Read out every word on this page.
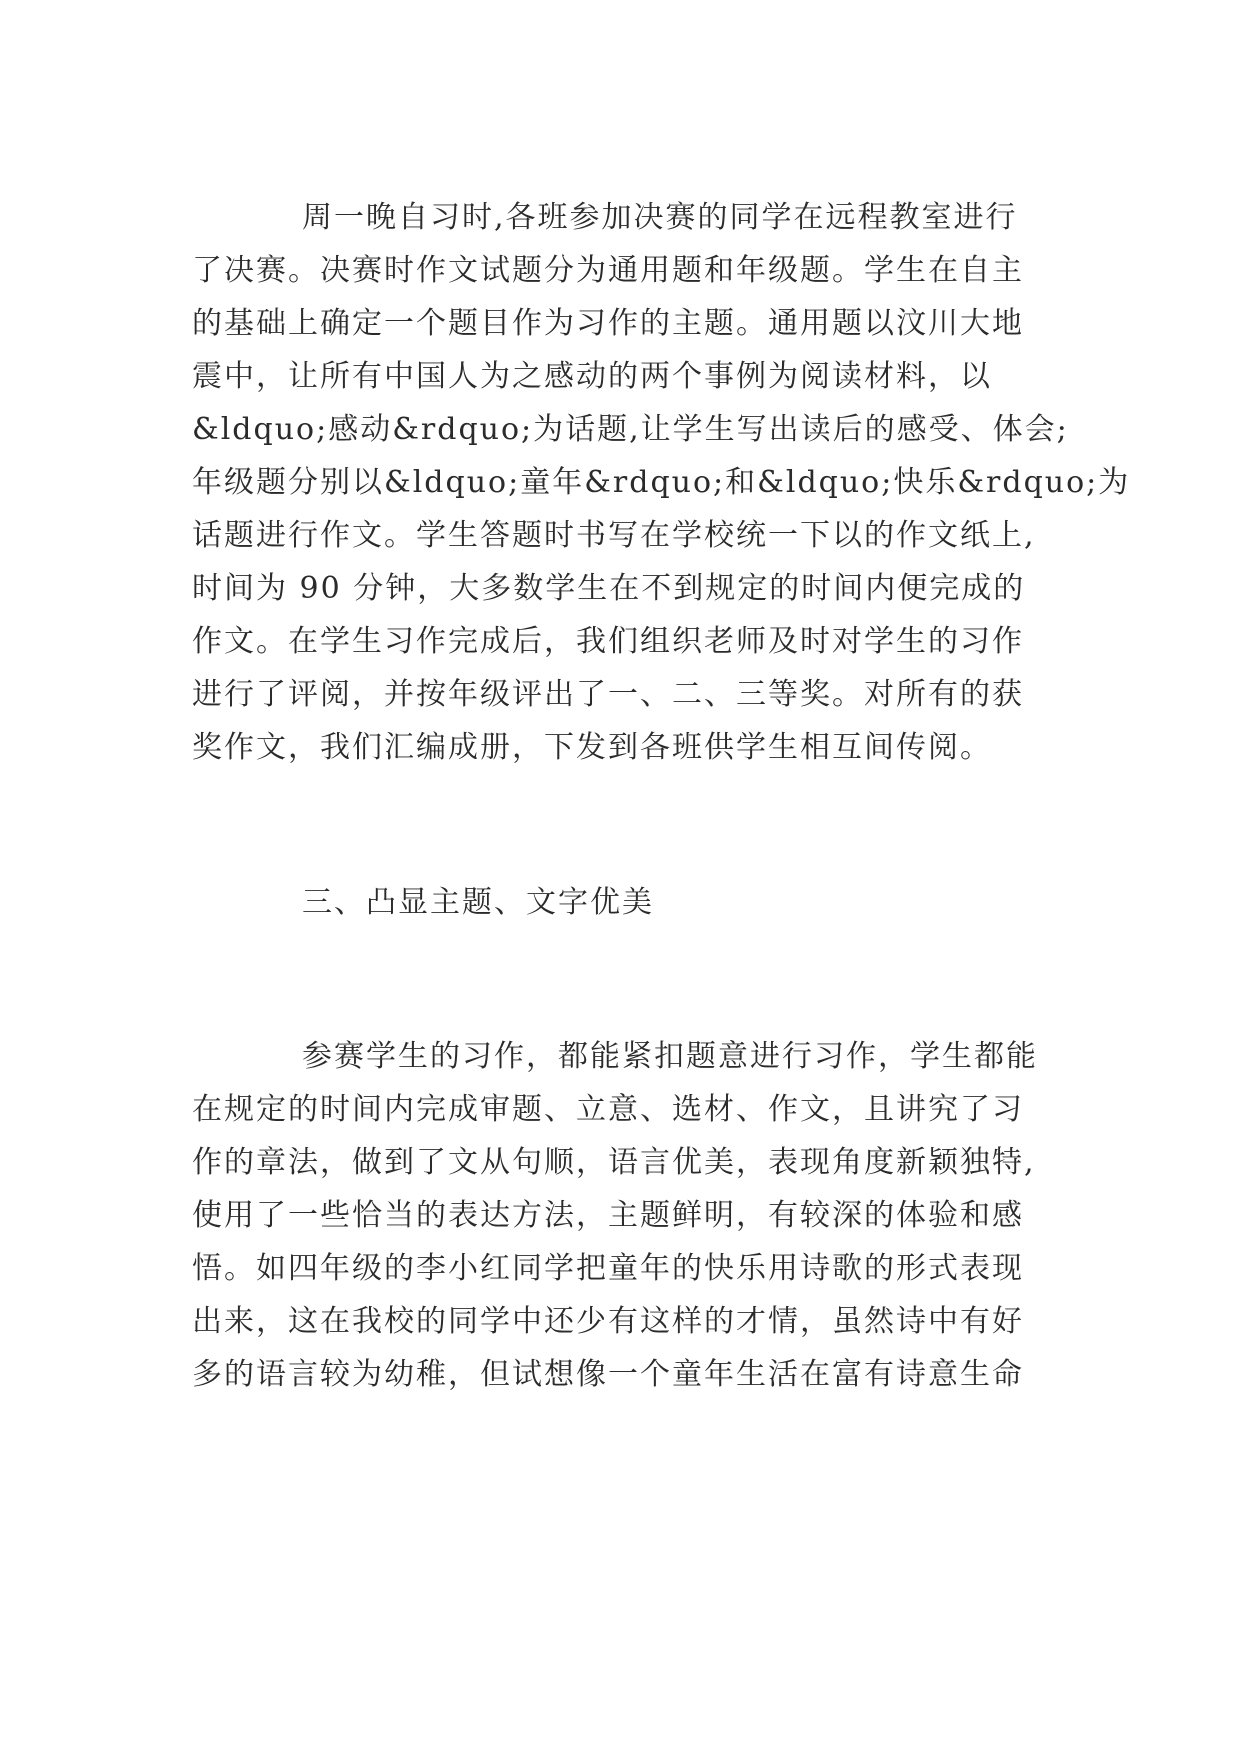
周一晚自习时,各班参加决赛的同学在远程教室进行
了决赛。决赛时作文试题分为通用题和年级题。学生在自主
的基础上确定一个题目作为习作的主题。通用题以汶川大地
震中，让所有中国人为之感动的两个事例为阅读材料，以
&ldquo;感动&rdquo;为话题,让学生写出读后的感受、体会;
年级题分别以&ldquo;童年&rdquo;和&ldquo;快乐&rdquo;为
话题进行作文。学生答题时书写在学校统一下以的作文纸上,
时间为 90 分钟，大多数学生在不到规定的时间内便完成的
作文。在学生习作完成后，我们组织老师及时对学生的习作
进行了评阅，并按年级评出了一、二、三等奖。对所有的获
奖作文，我们汇编成册，下发到各班供学生相互间传阅。
三、凸显主题、文字优美
参赛学生的习作，都能紧扣题意进行习作，学生都能
在规定的时间内完成审题、立意、选材、作文，且讲究了习
作的章法，做到了文从句顺，语言优美，表现角度新颖独特,
使用了一些恰当的表达方法，主题鲜明，有较深的体验和感
悟。如四年级的李小红同学把童年的快乐用诗歌的形式表现
出来，这在我校的同学中还少有这样的才情，虽然诗中有好
多的语言较为幼稚，但试想像一个童年生活在富有诗意生命
